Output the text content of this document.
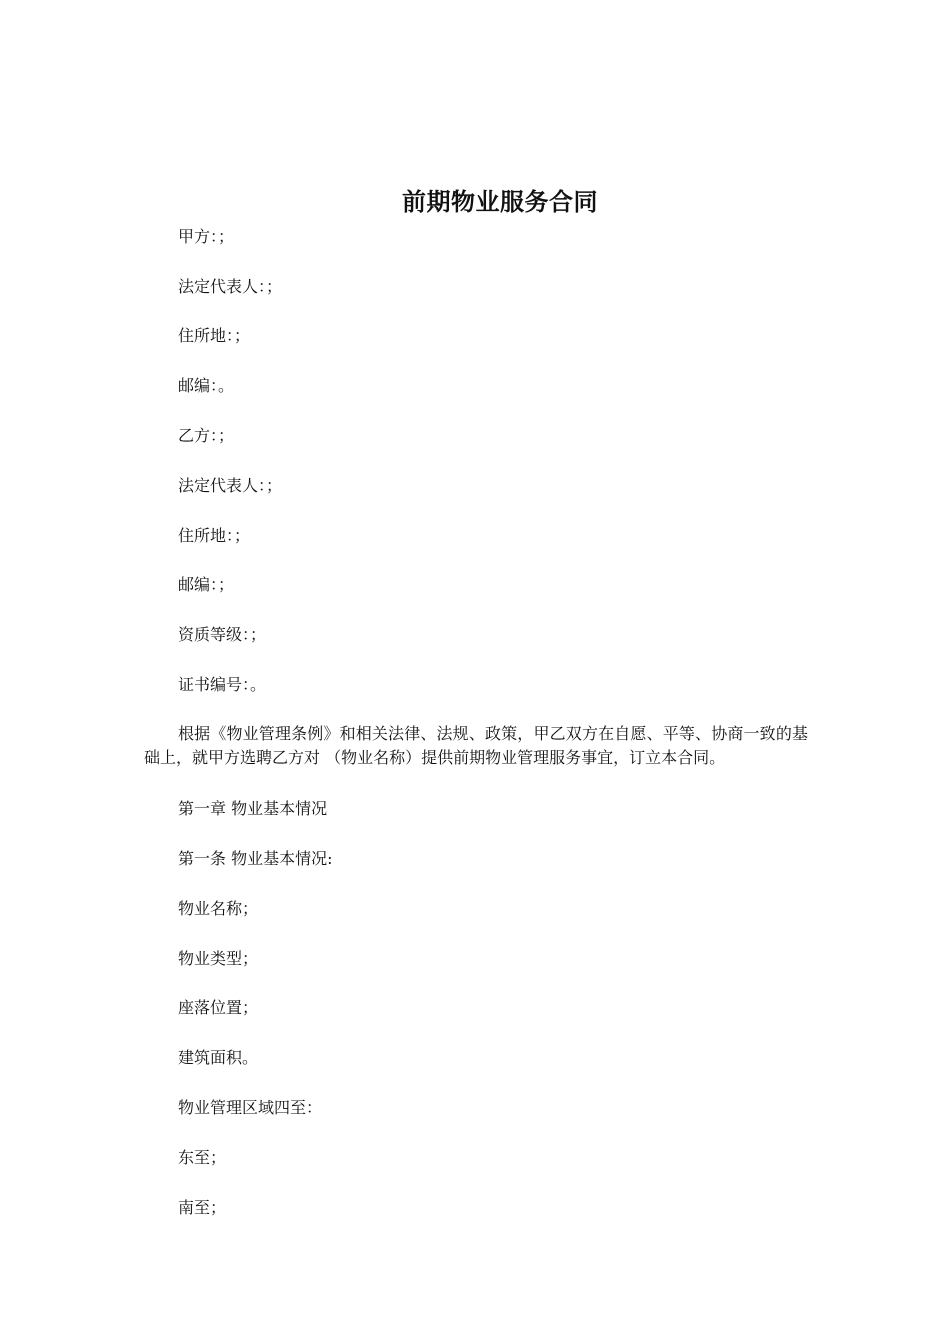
前期物业服务合同
甲方：；
法定代表人：；
住所地：；
邮编：。
乙方：；
法定代表人：；
住所地：；
邮编：；
资质等级：；
证书编号：。
根据《物业管理条例》和相关法律、法规、政策，甲乙双方在自愿、平等、协商一致的基础上，就甲方选聘乙方对 （物业名称）提供前期物业管理服务事宜，订立本合同。
第一章 物业基本情况
第一条 物业基本情况:
物业名称；
物业类型；
座落位置；
建筑面积。
物业管理区域四至：
东至；
南至；
